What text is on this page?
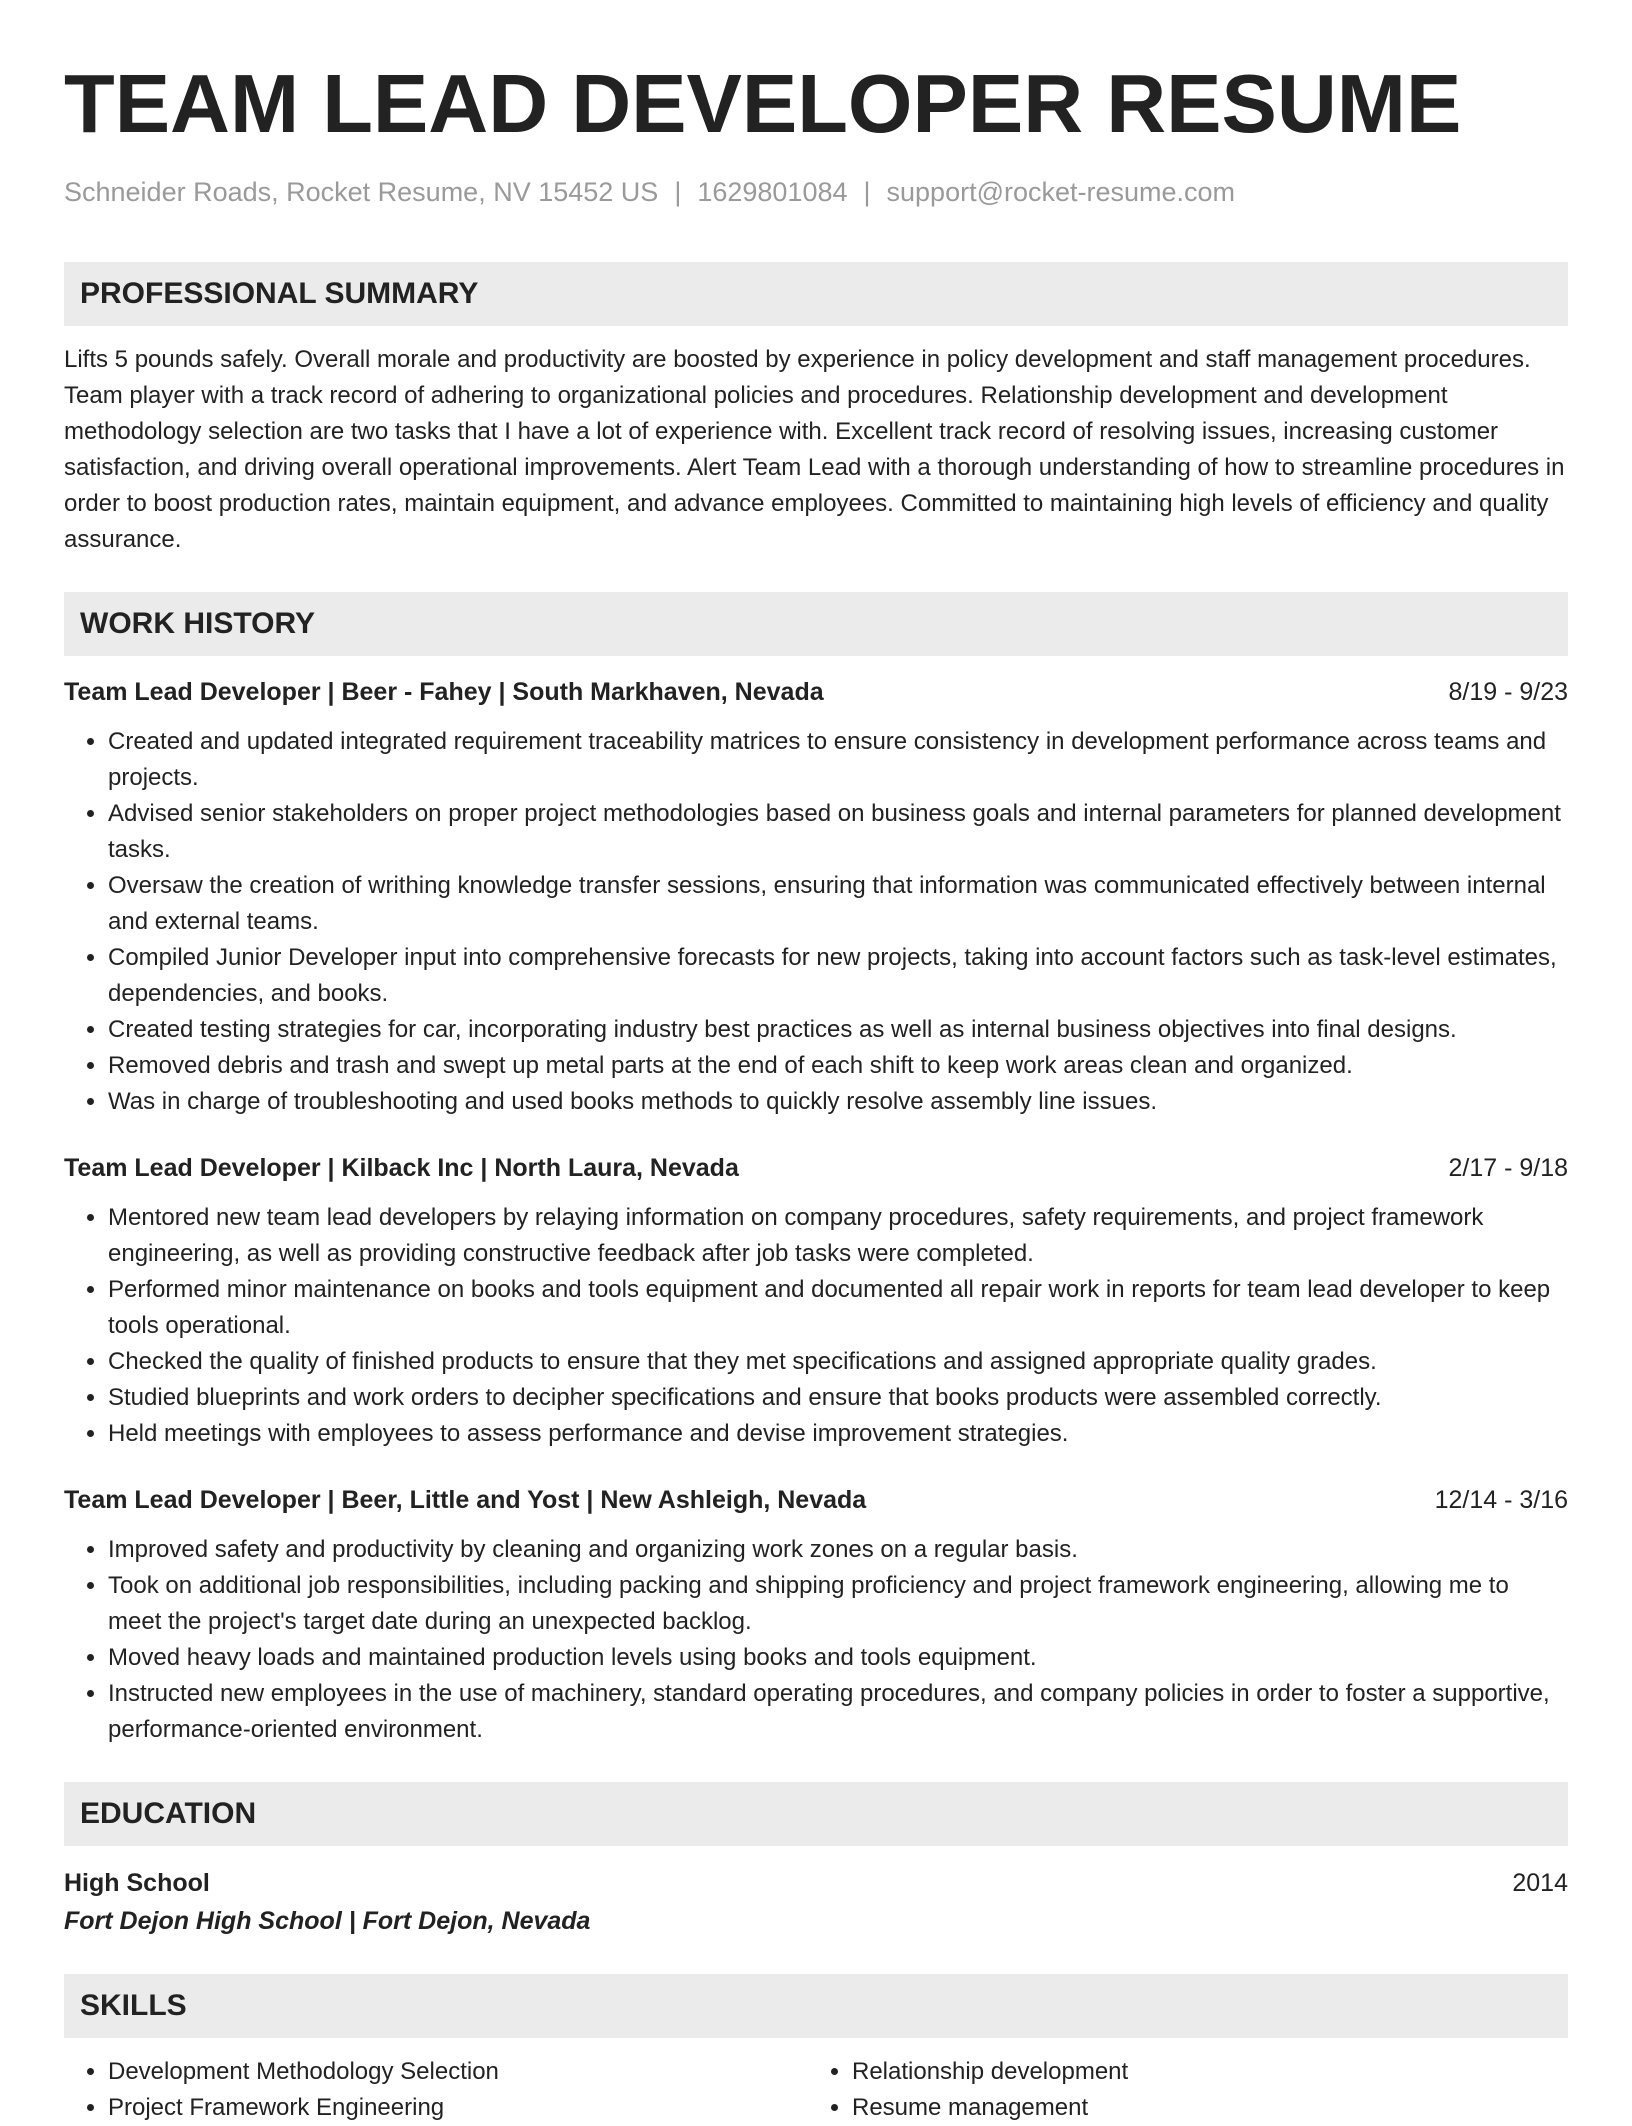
TEAM LEAD DEVELOPER RESUME
Schneider Roads, Rocket Resume, NV 15452 US | 1629801084 | support@rocket-resume.com
PROFESSIONAL SUMMARY
Lifts 5 pounds safely. Overall morale and productivity are boosted by experience in policy development and staff management procedures. Team player with a track record of adhering to organizational policies and procedures. Relationship development and development methodology selection are two tasks that I have a lot of experience with. Excellent track record of resolving issues, increasing customer satisfaction, and driving overall operational improvements. Alert Team Lead with a thorough understanding of how to streamline procedures in order to boost production rates, maintain equipment, and advance employees. Committed to maintaining high levels of efficiency and quality assurance.
WORK HISTORY
Team Lead Developer | Beer - Fahey | South Markhaven, Nevada	8/19 - 9/23
• Created and updated integrated requirement traceability matrices to ensure consistency in development performance across teams and projects.
• Advised senior stakeholders on proper project methodologies based on business goals and internal parameters for planned development tasks.
• Oversaw the creation of writhing knowledge transfer sessions, ensuring that information was communicated effectively between internal and external teams.
• Compiled Junior Developer input into comprehensive forecasts for new projects, taking into account factors such as task-level estimates, dependencies, and books.
• Created testing strategies for car, incorporating industry best practices as well as internal business objectives into final designs.
• Removed debris and trash and swept up metal parts at the end of each shift to keep work areas clean and organized.
• Was in charge of troubleshooting and used books methods to quickly resolve assembly line issues.
Team Lead Developer | Kilback Inc | North Laura, Nevada	2/17 - 9/18
• Mentored new team lead developers by relaying information on company procedures, safety requirements, and project framework engineering, as well as providing constructive feedback after job tasks were completed.
• Performed minor maintenance on books and tools equipment and documented all repair work in reports for team lead developer to keep tools operational.
• Checked the quality of finished products to ensure that they met specifications and assigned appropriate quality grades.
• Studied blueprints and work orders to decipher specifications and ensure that books products were assembled correctly.
• Held meetings with employees to assess performance and devise improvement strategies.
Team Lead Developer | Beer, Little and Yost | New Ashleigh, Nevada	12/14 - 3/16
• Improved safety and productivity by cleaning and organizing work zones on a regular basis.
• Took on additional job responsibilities, including packing and shipping proficiency and project framework engineering, allowing me to meet the project's target date during an unexpected backlog.
• Moved heavy loads and maintained production levels using books and tools equipment.
• Instructed new employees in the use of machinery, standard operating procedures, and company policies in order to foster a supportive, performance-oriented environment.
EDUCATION
High School	2014
Fort Dejon High School | Fort Dejon, Nevada
SKILLS
• Development Methodology Selection
• Project Framework Engineering
• Relationship development
• Resume management
